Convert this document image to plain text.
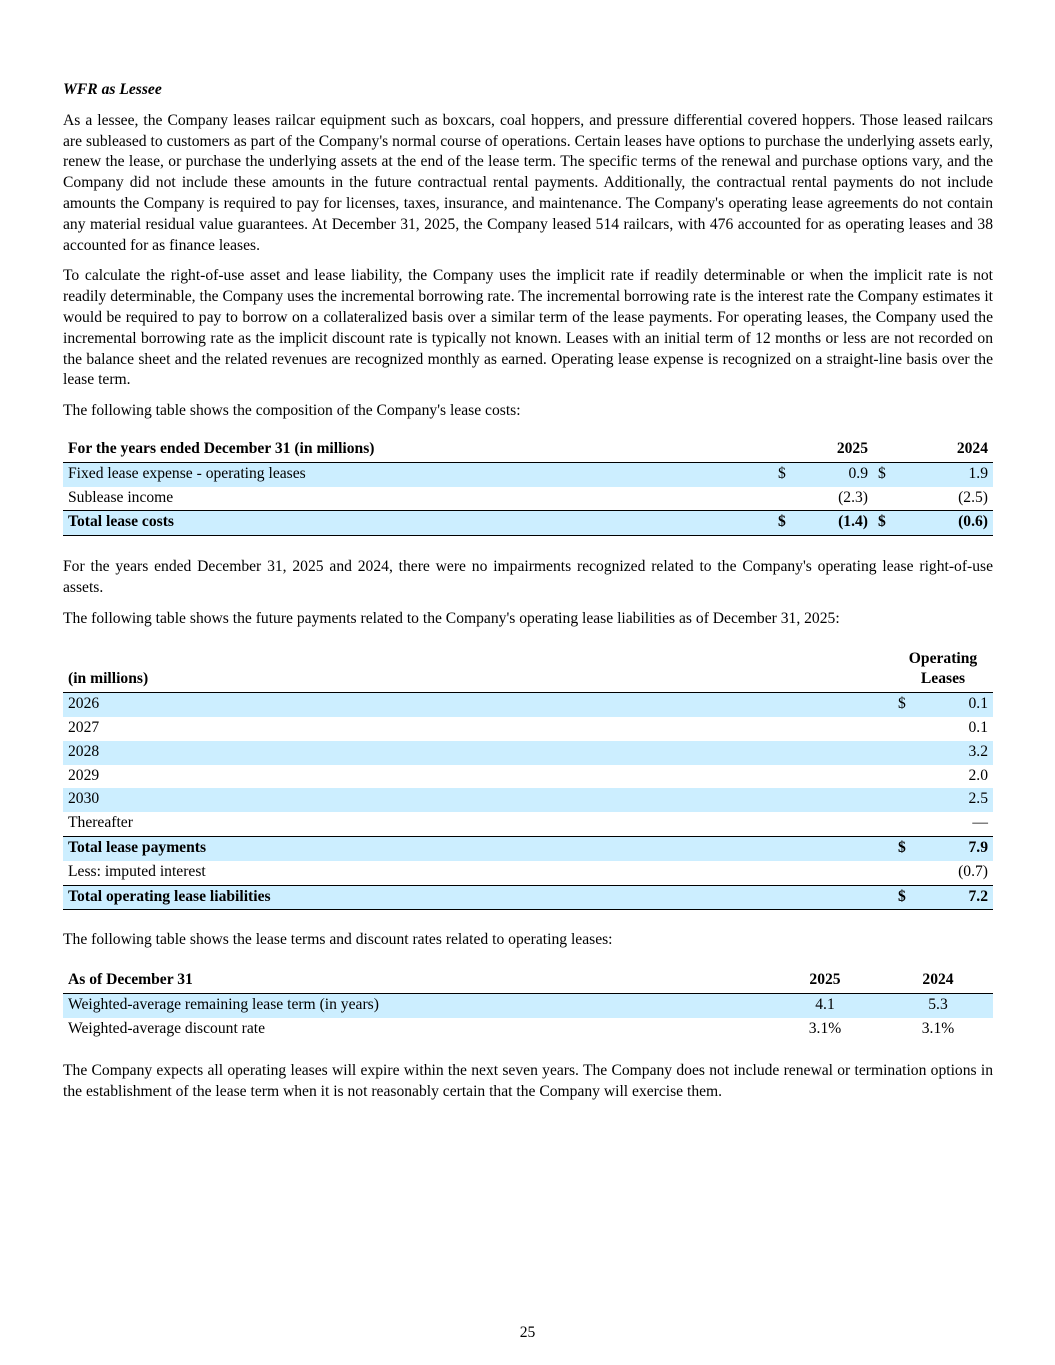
WFR as Lessee

As a lessee, the Company leases railcar equipment such as boxcars, coal hoppers, and pressure differential covered hoppers. Those leased railcars are subleased to customers as part of the Company's normal course of operations. Certain leases have options to purchase the underlying assets early, renew the lease, or purchase the underlying assets at the end of the lease term. The specific terms of the renewal and purchase options vary, and the Company did not include these amounts in the future contractual rental payments. Additionally, the contractual rental payments do not include amounts the Company is required to pay for licenses, taxes, insurance, and maintenance. The Company's operating lease agreements do not contain any material residual value guarantees. At December 31, 2025, the Company leased 514 railcars, with 476 accounted for as operating leases and 38 accounted for as finance leases.

To calculate the right-of-use asset and lease liability, the Company uses the implicit rate if readily determinable or when the implicit rate is not readily determinable, the Company uses the incremental borrowing rate. The incremental borrowing rate is the interest rate the Company estimates it would be required to pay to borrow on a collateralized basis over a similar term of the lease payments. For operating leases, the Company used the incremental borrowing rate as the implicit discount rate is typically not known. Leases with an initial term of 12 months or less are not recorded on the balance sheet and the related revenues are recognized monthly as earned. Operating lease expense is recognized on a straight-line basis over the lease term.

The following table shows the composition of the Company's lease costs:

For the years ended December 31 (in millions)		2025		2024
Fixed lease expense - operating leases	$	0.9	$	1.9
Sublease income		(2.3)		(2.5)
Total lease costs	$	(1.4)	$	(0.6)

For the years ended December 31, 2025 and 2024, there were no impairments recognized related to the Company's operating lease right-of-use assets.

The following table shows the future payments related to the Company's operating lease liabilities as of December 31, 2025:

(in millions)	Operating
Leases	

2026	$	0.1
2027		0.1
2028		3.2
2029		2.0
2030		2.5
Thereafter		—
Total lease payments	$	7.9
Less: imputed interest		(0.7)
Total operating lease liabilities	$	7.2

The following table shows the lease terms and discount rates related to operating leases:

As of December 31	2025	2024
Weighted-average remaining lease term (in years)	4.1	5.3
Weighted-average discount rate	3.1%	3.1%

The Company expects all operating leases will expire within the next seven years. The Company does not include renewal or termination options in the establishment of the lease term when it is not reasonably certain that the Company will exercise them.

25
